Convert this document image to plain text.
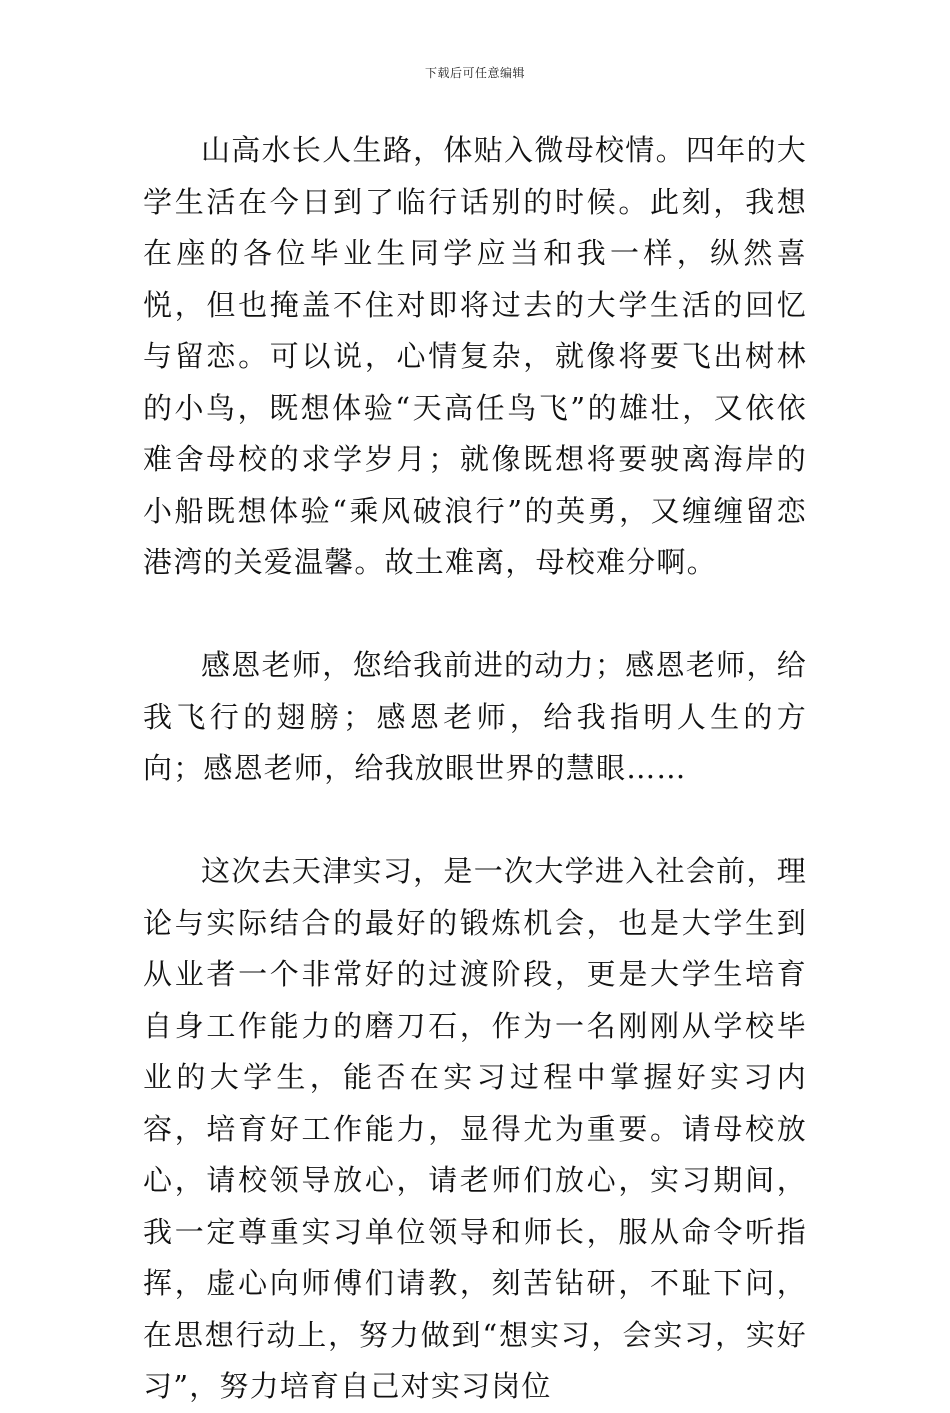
下载后可任意编辑

山高水长人生路，体贴入微母校情。四年的大学生活在今日到了临行话别的时候。此刻，我想在座的各位毕业生同学应当和我一样，纵然喜悦，但也掩盖不住对即将过去的大学生活的回忆与留恋。可以说，心情复杂，就像将要飞出树林的小鸟，既想体验“天高任鸟飞”的雄壮，又依依难舍母校的求学岁月；就像既想将要驶离海岸的小船既想体验“乘风破浪行”的英勇，又缠缠留恋港湾的关爱温馨。故土难离，母校难分啊。

感恩老师，您给我前进的动力；感恩老师，给我飞行的翅膀；感恩老师，给我指明人生的方向；感恩老师，给我放眼世界的慧眼……

这次去天津实习，是一次大学进入社会前，理论与实际结合的最好的锻炼机会，也是大学生到从业者一个非常好的过渡阶段，更是大学生培育自身工作能力的磨刀石，作为一名刚刚从学校毕业的大学生，能否在实习过程中掌握好实习内容，培育好工作能力，显得尤为重要。请母校放心，请校领导放心，请老师们放心，实习期间，我一定尊重实习单位领导和师长，服从命令听指挥，虚心向师傅们请教，刻苦钻研，不耻下问，在思想行动上，努力做到“想实习，会实习，实好习”，努力培育自己对实习岗位
